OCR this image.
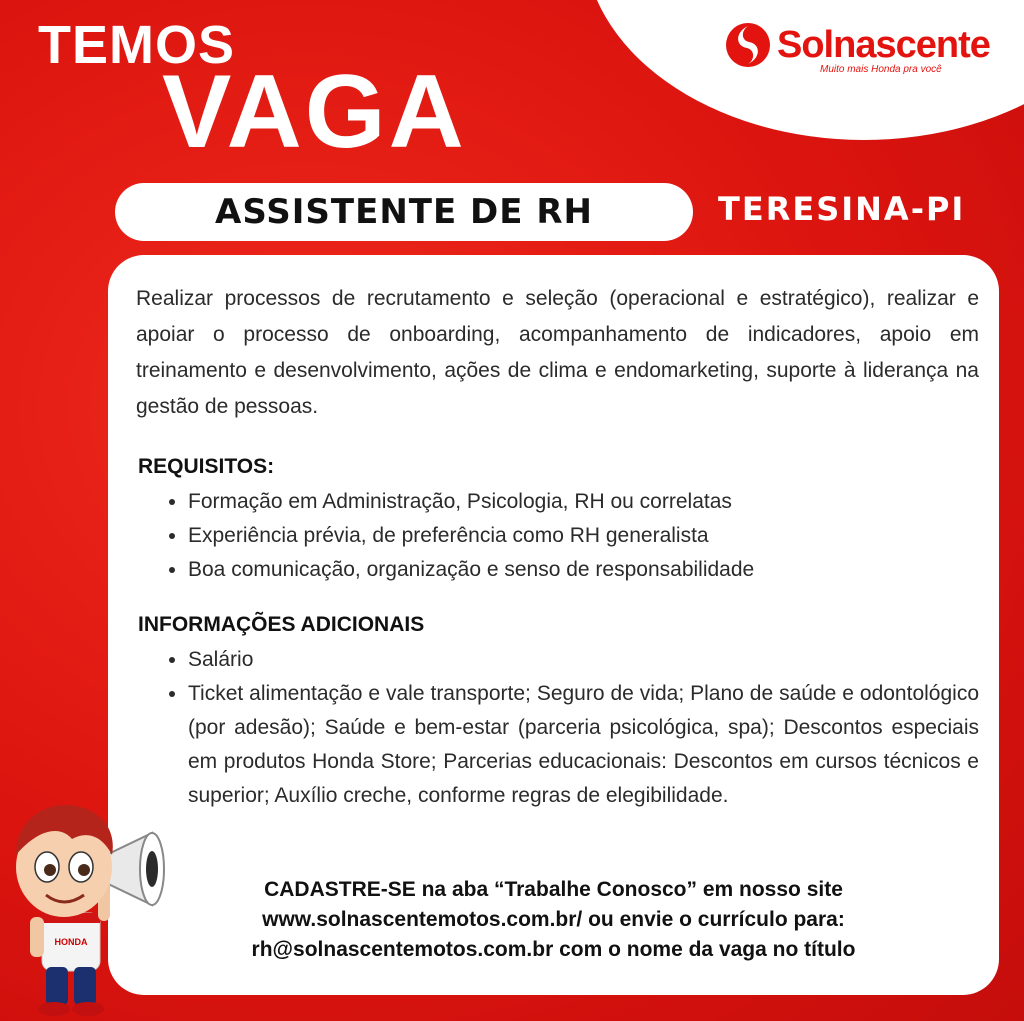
Solnascente
Muito mais Honda pra você
TEMOS
VAGA
ASSISTENTE DE RH	TERESINA-PI

Realizar processos de recrutamento e seleção (operacional e estratégico), realizar e apoiar o processo de onboarding, acompanhamento de indicadores, apoio em treinamento e desenvolvimento, ações de clima e endomarketing, suporte à liderança na gestão de pessoas.

REQUISITOS:
• Formação em Administração, Psicologia, RH ou correlatas
• Experiência prévia, de preferência como RH generalista
• Boa comunicação, organização e senso de responsabilidade
INFORMAÇÕES ADICIONAIS
• Salário
• Ticket alimentação e vale transporte; Seguro de vida; Plano de saúde e odontológico (por adesão); Saúde e bem-estar (parceria psicológica, spa); Descontos especiais em produtos Honda Store; Parcerias educacionais: Descontos em cursos técnicos e superior; Auxílio creche, conforme regras de elegibilidade.
CADASTRE-SE na aba “Trabalhe Conosco” em nosso site
www.solnascentemotos.com.br/ ou envie o currículo para:
rh@solnascentemotos.com.br com o nome da vaga no título
HONDA
